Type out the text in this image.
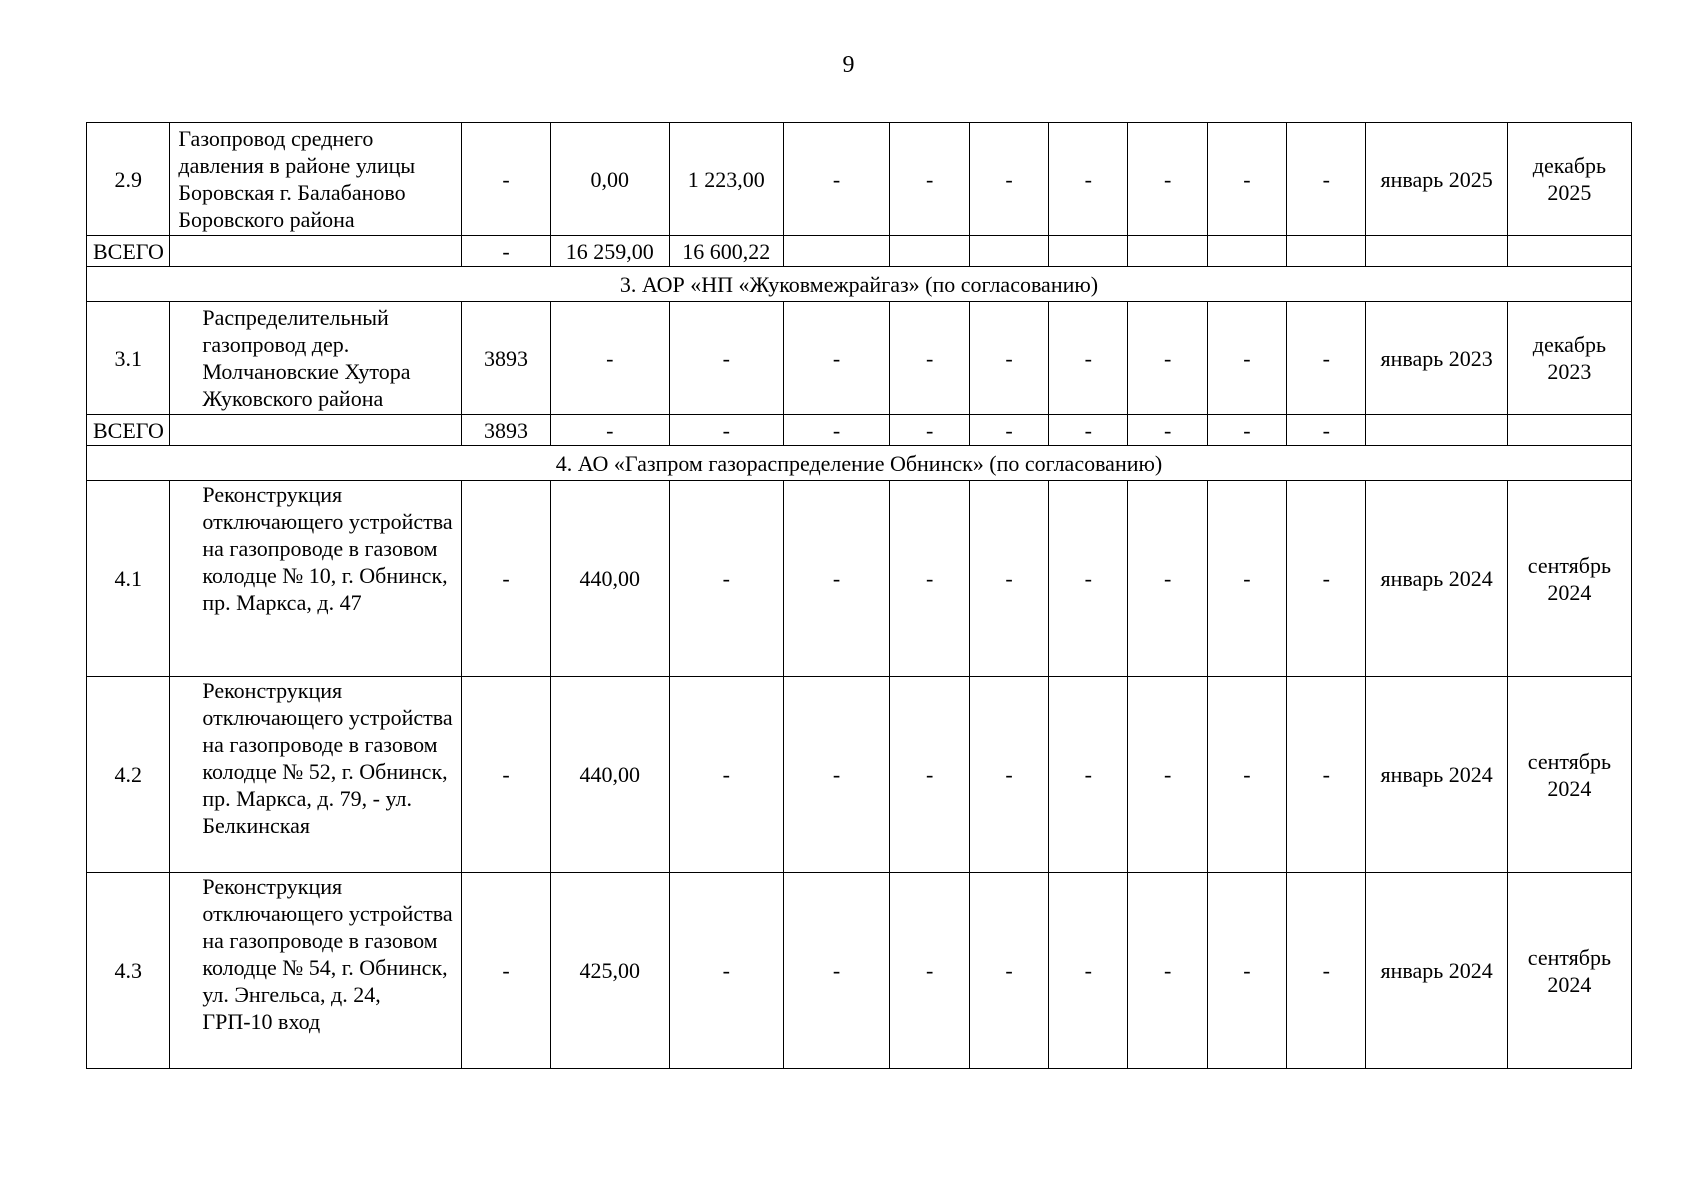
9
2.9	Газопровод среднего давления в районе улицы Боровская г. Балабаново Боровского района	-	0,00	1 223,00	-	-	-	-	-	-	-	январь 2025	декабрь 2025
ВСЕГО		-	16 259,00	16 600,22									
3. АОР «НП «Жуковмежрайгаз» (по согласованию)													
3.1	Распределительный газопровод дер. Молчановские Хутора Жуковского района	3893	-	-	-	-	-	-	-	-	-	январь 2023	декабрь 2023
ВСЕГО		3893	-	-	-	-	-	-	-	-	-		
4. АО «Газпром газораспределение Обнинск» (по согласованию)													
4.1	Реконструкция отключающего устройства на газопроводе в газовом колодце № 10, г. Обнинск, пр. Маркса, д. 47	-	440,00	-	-	-	-	-	-	-	-	январь 2024	сентябрь 2024
4.2	Реконструкция отключающего устройства на газопроводе в газовом колодце № 52, г. Обнинск, пр. Маркса, д. 79, - ул. Белкинская	-	440,00	-	-	-	-	-	-	-	-	январь 2024	сентябрь 2024
4.3	Реконструкция отключающего устройства на газопроводе в газовом колодце № 54, г. Обнинск, ул. Энгельса, д. 24, ГРП-10 вход	-	425,00	-	-	-	-	-	-	-	-	январь 2024	сентябрь 2024
